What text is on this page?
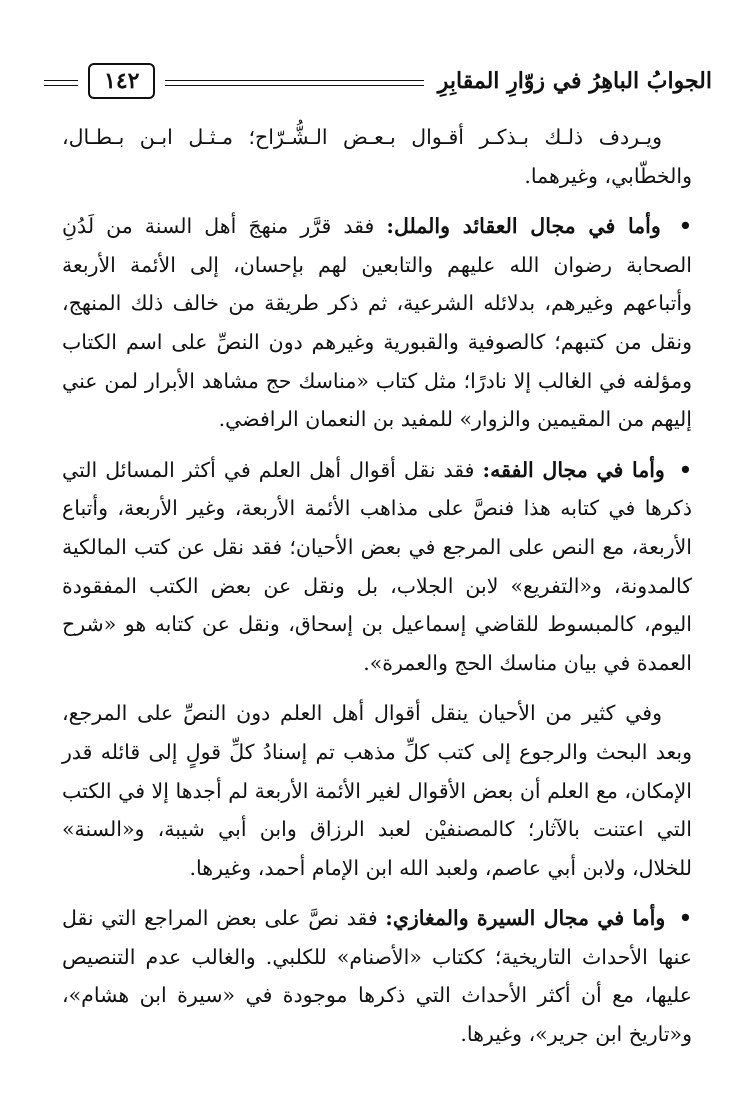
الجوابُ الباهِرُ في زوّارِ المقابِرِ
١٤٢

ويـردف ذلـك بـذكـر أقـوال بـعـض الـشُّـرّاح؛ مـثـل ابـن بـطـال، والخطّابي، وغيرهما.

• وأما في مجال العقائد والملل: فقد قرَّر منهجَ أهل السنة من لَدُنِ الصحابة رضوان الله عليهم والتابعين لهم بإحسان، إلى الأئمة الأربعة وأتباعهم وغيرهم، بدلائله الشرعية، ثم ذكر طريقة من خالف ذلك المنهج، ونقل من كتبهم؛ كالصوفية والقبورية وغيرهم دون النصِّ على اسم الكتاب ومؤلفه في الغالب إلا نادرًا؛ مثل كتاب «مناسك حج مشاهد الأبرار لمن عني إليهم من المقيمين والزوار» للمفيد بن النعمان الرافضي.

• وأما في مجال الفقه: فقد نقل أقوال أهل العلم في أكثر المسائل التي ذكرها في كتابه هذا فنصَّ على مذاهب الأئمة الأربعة، وغير الأربعة، وأتباع الأربعة، مع النص على المرجع في بعض الأحيان؛ فقد نقل عن كتب المالكية كالمدونة، و«التفريع» لابن الجلاب، بل ونقل عن بعض الكتب المفقودة اليوم، كالمبسوط للقاضي إسماعيل بن إسحاق، ونقل عن كتابه هو «شرح العمدة في بيان مناسك الحج والعمرة».

وفي كثير من الأحيان ينقل أقوال أهل العلم دون النصِّ على المرجع، وبعد البحث والرجوع إلى كتب كلِّ مذهب تم إسنادُ كلِّ قولٍ إلى قائله قدر الإمكان، مع العلم أن بعض الأقوال لغير الأئمة الأربعة لم أجدها إلا في الكتب التي اعتنت بالآثار؛ كالمصنفيْن لعبد الرزاق وابن أبي شيبة، و«السنة» للخلال، ولابن أبي عاصم، ولعبد الله ابن الإمام أحمد، وغيرها.

• وأما في مجال السيرة والمغازي: فقد نصَّ على بعض المراجع التي نقل عنها الأحداث التاريخية؛ ككتاب «الأصنام» للكلبي. والغالب عدم التنصيص عليها، مع أن أكثر الأحداث التي ذكرها موجودة في «سيرة ابن هشام»، و«تاريخ ابن جرير»، وغيرها.
